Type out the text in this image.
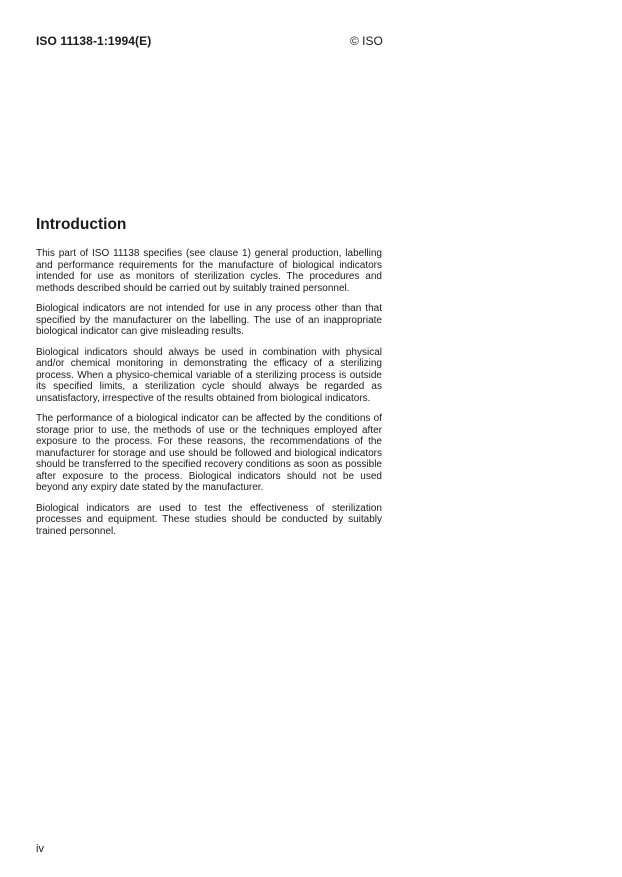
ISO 11138-1:1994(E)	© ISO
Introduction

This part of ISO 11138 specifies (see clause 1) general production, labelling and performance requirements for the manufacture of biological indicators intended for use as monitors of sterilization cycles. The procedures and methods described should be carried out by suitably trained personnel.

Biological indicators are not intended for use in any process other than that specified by the manufacturer on the labelling. The use of an inappropriate biological indicator can give misleading results.

Biological indicators should always be used in combination with physical and/or chemical monitoring in demonstrating the efficacy of a sterilizing process. When a physico-chemical variable of a sterilizing process is outside its specified limits, a sterilization cycle should always be regarded as unsatisfactory, irrespective of the results obtained from biological indicators.

The performance of a biological indicator can be affected by the conditions of storage prior to use, the methods of use or the techniques employed after exposure to the process. For these reasons, the recommendations of the manufacturer for storage and use should be followed and biological indicators should be transferred to the specified recovery conditions as soon as possible after exposure to the process. Biological indicators should not be used beyond any expiry date stated by the manufacturer.

Biological indicators are used to test the effectiveness of sterilization processes and equipment. These studies should be conducted by suitably trained personnel.

iv
